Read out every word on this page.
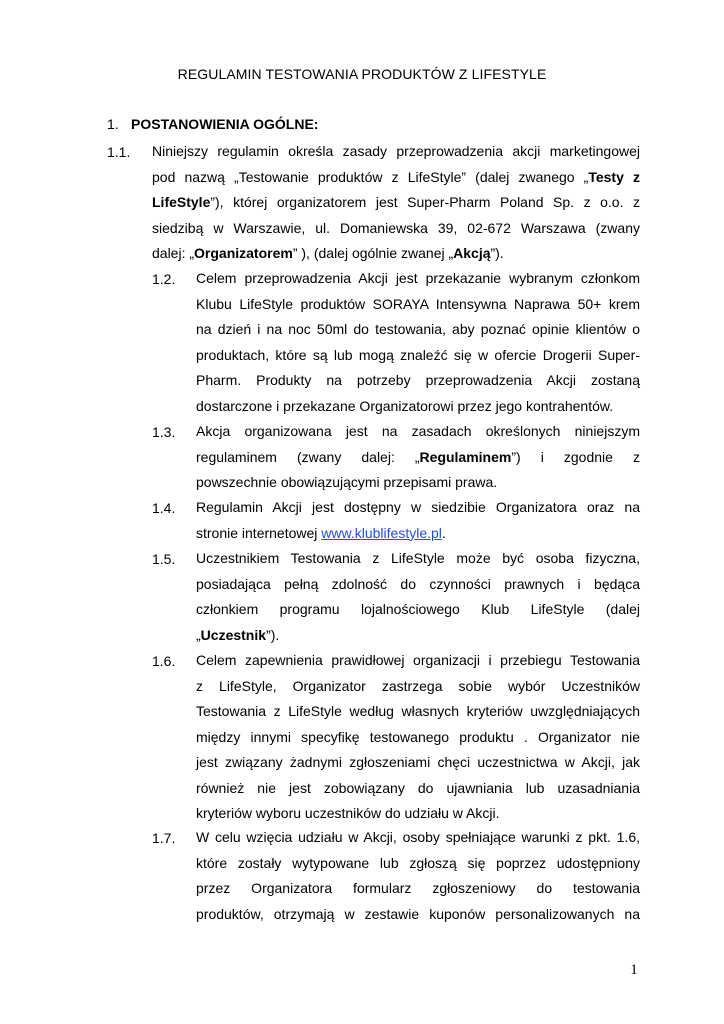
REGULAMIN TESTOWANIA PRODUKTÓW Z LIFESTYLE
1. POSTANOWIENIA OGÓLNE:
1.1. Niniejszy regulamin określa zasady przeprowadzenia akcji marketingowej
pod nazwą „Testowanie produktów z LifeStyle” (dalej zwanego „Testy z
LifeStyle”), której organizatorem jest Super-Pharm Poland Sp. z o.o. z
siedzibą w Warszawie, ul. Domaniewska 39, 02-672 Warszawa (zwany
dalej: „Organizatorem” ), (dalej ogólnie zwanej „Akcją”).
1.2. Celem przeprowadzenia Akcji jest przekazanie wybranym członkom
Klubu LifeStyle produktów SORAYA Intensywna Naprawa 50+ krem
na dzień i na noc 50ml do testowania, aby poznać opinie klientów o
produktach, które są lub mogą znaleźć się w ofercie Drogerii Super-
Pharm. Produkty na potrzeby przeprowadzenia Akcji zostaną
dostarczone i przekazane Organizatorowi przez jego kontrahentów.
1.3. Akcja organizowana jest na zasadach określonych niniejszym
regulaminem (zwany dalej: „Regulaminem”) i zgodnie z
powszechnie obowiązującymi przepisami prawa.
1.4. Regulamin Akcji jest dostępny w siedzibie Organizatora oraz na
stronie internetowej www.klublifestyle.pl.
1.5. Uczestnikiem Testowania z LifeStyle może być osoba fizyczna,
posiadająca pełną zdolność do czynności prawnych i będąca
członkiem programu lojalnościowego Klub LifeStyle (dalej
„Uczestnik”).
1.6. Celem zapewnienia prawidłowej organizacji i przebiegu Testowania
z LifeStyle, Organizator zastrzega sobie wybór Uczestników
Testowania z LifeStyle według własnych kryteriów uwzględniających
między innymi specyfikę testowanego produktu . Organizator nie
jest związany żadnymi zgłoszeniami chęci uczestnictwa w Akcji, jak
również nie jest zobowiązany do ujawniania lub uzasadniania
kryteriów wyboru uczestników do udziału w Akcji.
1.7. W celu wzięcia udziału w Akcji, osoby spełniające warunki z pkt. 1.6,
które zostały wytypowane lub zgłoszą się poprzez udostępniony
przez Organizatora formularz zgłoszeniowy do testowania
produktów, otrzymają w zestawie kuponów personalizowanych na
1
